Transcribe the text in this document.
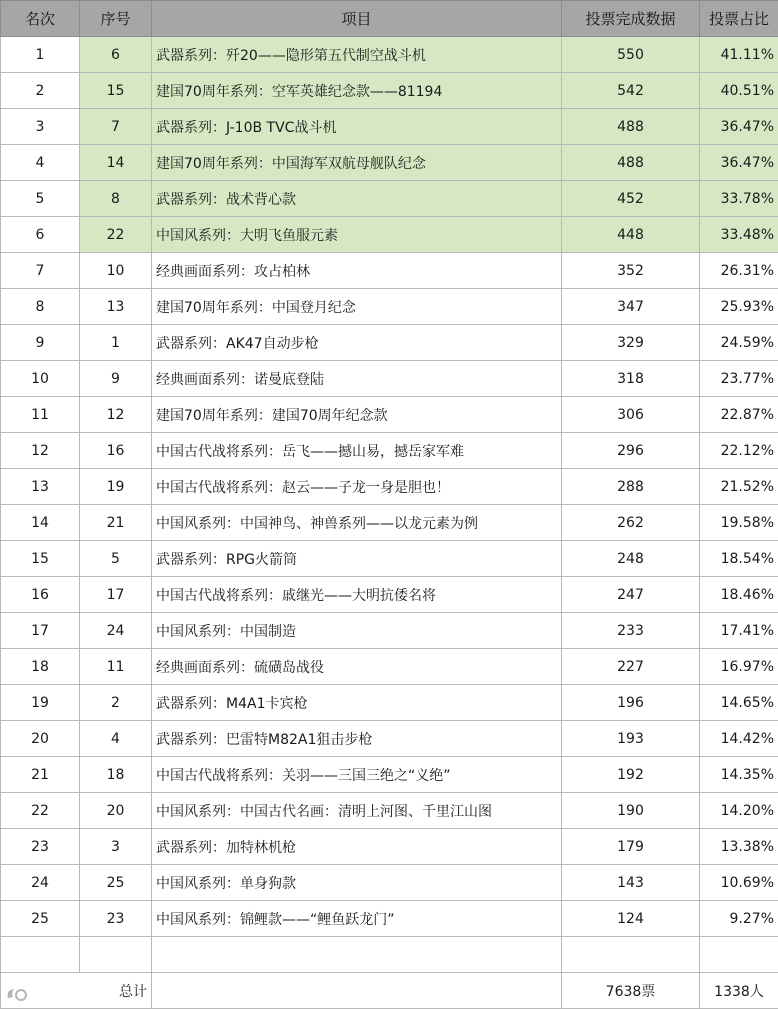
名次	序号	项目	投票完成数据	投票占比
1	6	武器系列：歼20——隐形第五代制空战斗机	550	41.11%
2	15	建国70周年系列：空军英雄纪念款——81194	542	40.51%
3	7	武器系列：J-10B TVC战斗机	488	36.47%
4	14	建国70周年系列：中国海军双航母舰队纪念	488	36.47%
5	8	武器系列：战术背心款	452	33.78%
6	22	中国风系列：大明飞鱼服元素	448	33.48%
7	10	经典画面系列：攻占柏林	352	26.31%
8	13	建国70周年系列：中国登月纪念	347	25.93%
9	1	武器系列：AK47自动步枪	329	24.59%
10	9	经典画面系列：诺曼底登陆	318	23.77%
11	12	建国70周年系列：建国70周年纪念款	306	22.87%
12	16	中国古代战将系列：岳飞——撼山易，撼岳家军难	296	22.12%
13	19	中国古代战将系列：赵云——子龙一身是胆也！	288	21.52%
14	21	中国风系列：中国神鸟、神兽系列——以龙元素为例	262	19.58%
15	5	武器系列：RPG火箭筒	248	18.54%
16	17	中国古代战将系列：戚继光——大明抗倭名将	247	18.46%
17	24	中国风系列：中国制造	233	17.41%
18	11	经典画面系列：硫磺岛战役	227	16.97%
19	2	武器系列：M4A1卡宾枪	196	14.65%
20	4	武器系列：巴雷特M82A1狙击步枪	193	14.42%
21	18	中国古代战将系列：关羽——三国三绝之“义绝”	192	14.35%
22	20	中国风系列：中国古代名画：清明上河图、千里江山图	190	14.20%
23	3	武器系列：加特林机枪	179	13.38%
24	25	中国风系列：单身狗款	143	10.69%
25	23	中国风系列：锦鲤款——“鲤鱼跃龙门”	124	9.27%

总计			7638票	1338人
